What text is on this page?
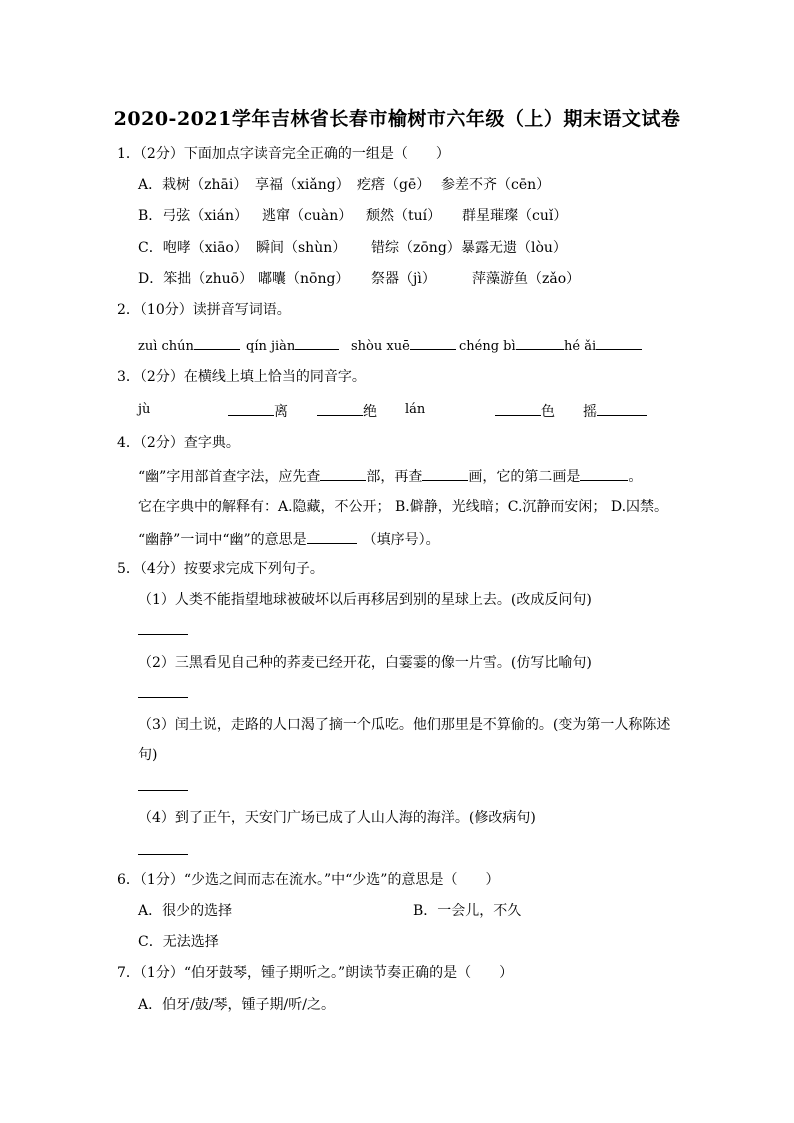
2020-2021学年吉林省长春市榆树市六年级（上）期末语文试卷
1．（2分）下面加点字读音完全正确的一组是（　　）
A．栽树（zhāi） 享福（xiǎng） 疙瘩（gē） 参差不齐（cēn）
B．弓弦（xián） 逃窜（cuàn） 颓然（tuí） 群星璀璨（cuǐ）
C．咆哮（xiāo） 瞬间（shùn） 错综（zōng） 暴露无遗（lòu）
D．笨拙（zhuō） 嘟囔（nōng） 祭器（jì）	萍藻游鱼（zǎo）
2．（10分）读拼音写词语。
zuì chún	qín jiàn	shòu xuē	chéng bì	hé ǎi
3．（2分）在横线上填上恰当的同音字。
jù	离	绝 lán	色 摇
4．（2分）查字典。
“幽”字用部首查字法，应先查	部，再查	画，它的第二画是	。
它在字典中的解释有：A.隐藏，不公开； B.僻静，光线暗；C.沉静而安闲； D.囚禁。
“幽静”一词中“幽”的意思是	（填序号）。
5．（4分）按要求完成下列句子。
（1）人类不能指望地球被破坏以后再移居到别的星球上去。(改成反问句)
（2）三黑看见自己种的荞麦已经开花，白霎霎的像一片雪。(仿写比喻句)
（3）闰土说，走路的人口渴了摘一个瓜吃。他们那里是不算偷的。(变为第一人称陈述
句)
（4）到了正午，天安门广场已成了人山人海的海洋。(修改病句)
6．（1分）“少选之间而志在流水。”中“少选”的意思是（　　）
A．很少的选择	B．一会儿，不久
C．无法选择
7．（1分）“伯牙鼓琴，锺子期听之。”朗读节奏正确的是（　　）
A．伯牙/鼓/琴，锺子期/听/之。
